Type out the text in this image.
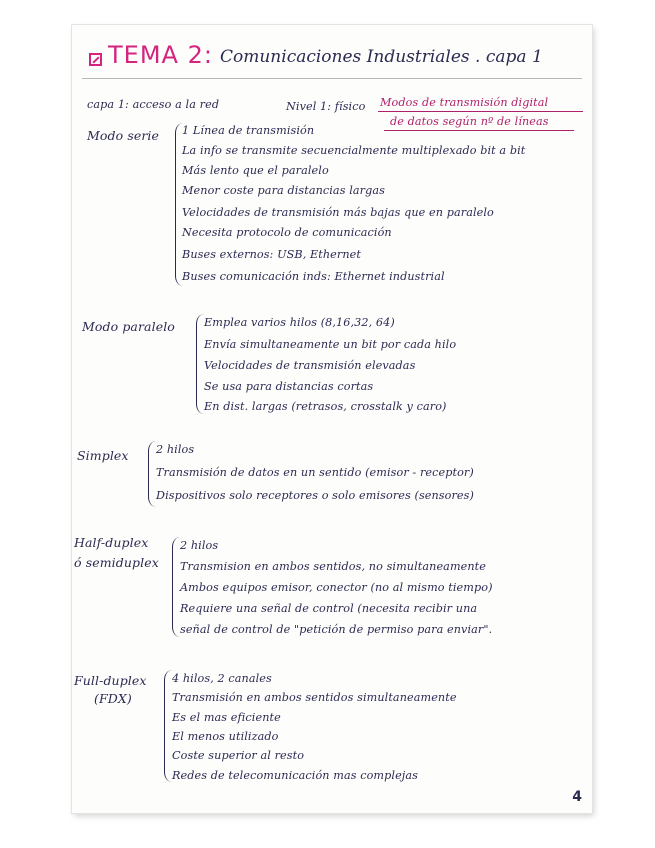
TEMA 2: Comunicaciones Industriales . capa 1
capa 1: acceso a la red	Nivel 1: físico Modos de transmisión digital
de datos según nº de líneas
Modo serie 1 Línea de transmisión
La info se transmite secuencialmente multiplexado bit a bit
Más lento que el paralelo
Menor coste para distancias largas
Velocidades de transmisión más bajas que en paralelo
Necesita protocolo de comunicación
Buses externos: USB, Ethernet
Buses comunicación inds: Ethernet industrial
Modo paralelo	Emplea varios hilos (8,16,32, 64)
Envía simultaneamente un bit por cada hilo
Velocidades de transmisión elevadas
Se usa para distancias cortas
En dist. largas (retrasos, crosstalk y caro)
Simplex 2 hilos
Transmisión de datos en un sentido (emisor - receptor)
Dispositivos solo receptores o solo emisores (sensores)
Half-duplex
ó semiduplex
2 hilos
Transmision en ambos sentidos, no simultaneamente
Ambos equipos emisor, conector (no al mismo tiempo)
Requiere una señal de control (necesita recibir una
señal de control de "petición de permiso para enviar".
Full-duplex
(FDX)
4 hilos, 2 canales
Transmisión en ambos sentidos simultaneamente
Es el mas eficiente
El menos utilizado
Coste superior al resto
Redes de telecomunicación mas complejas
4
